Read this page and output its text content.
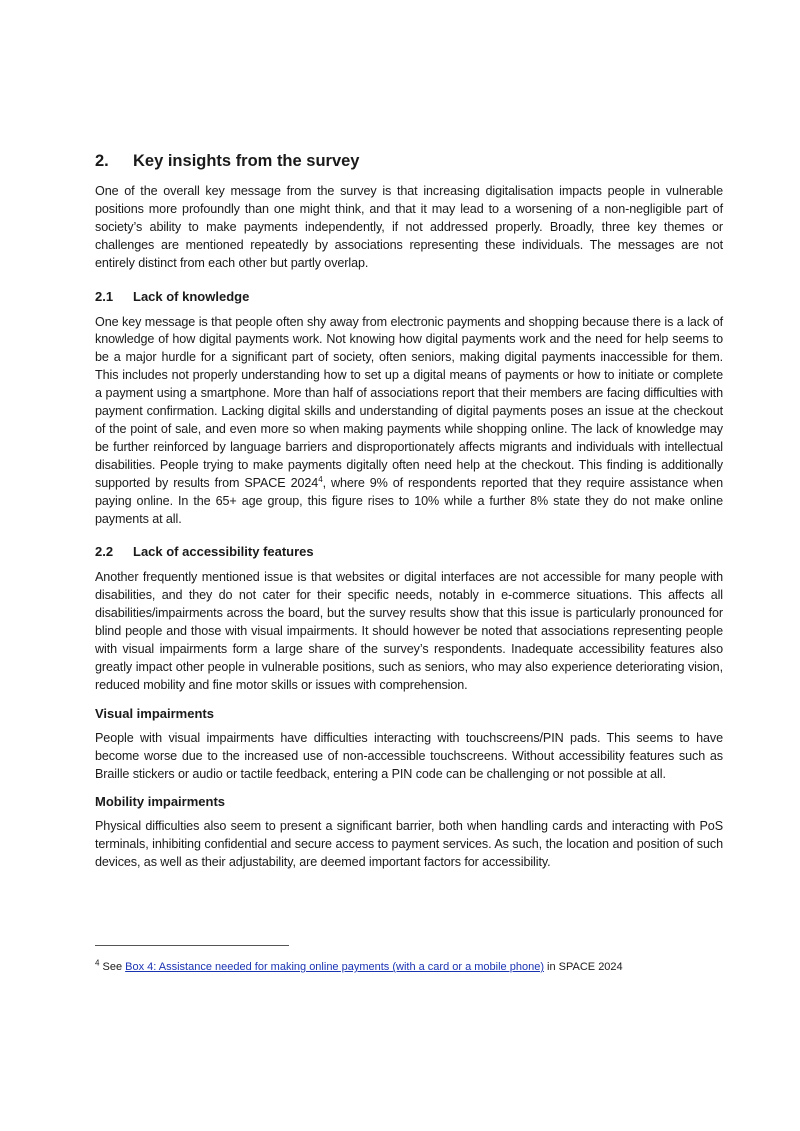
2. Key insights from the survey

One of the overall key message from the survey is that increasing digitalisation impacts people in vulnerable positions more profoundly than one might think, and that it may lead to a worsening of a non-negligible part of society’s ability to make payments independently, if not addressed properly. Broadly, three key themes or challenges are mentioned repeatedly by associations representing these individuals. The messages are not entirely distinct from each other but partly overlap.

2.1 Lack of knowledge

One key message is that people often shy away from electronic payments and shopping because there is a lack of knowledge of how digital payments work. Not knowing how digital payments work and the need for help seems to be a major hurdle for a significant part of society, often seniors, making digital payments inaccessible for them. This includes not properly understanding how to set up a digital means of payments or how to initiate or complete a payment using a smartphone. More than half of associations report that their members are facing difficulties with payment confirmation. Lacking digital skills and understanding of digital payments poses an issue at the checkout of the point of sale, and even more so when making payments while shopping online. The lack of knowledge may be further reinforced by language barriers and disproportionately affects migrants and individuals with intellectual disabilities. People trying to make payments digitally often need help at the checkout. This finding is additionally supported by results from SPACE 2024$^4$, where 9% of respondents reported that they require assistance when paying online. In the 65+ age group, this figure rises to 10% while a further 8% state they do not make online payments at all.

2.2 Lack of accessibility features

Another frequently mentioned issue is that websites or digital interfaces are not accessible for many people with disabilities, and they do not cater for their specific needs, notably in e-commerce situations. This affects all disabilities/impairments across the board, but the survey results show that this issue is particularly pronounced for blind people and those with visual impairments. It should however be noted that associations representing people with visual impairments form a large share of the survey’s respondents. Inadequate accessibility features also greatly impact other people in vulnerable positions, such as seniors, who may also experience deteriorating vision, reduced mobility and fine motor skills or issues with comprehension.

Visual impairments

People with visual impairments have difficulties interacting with touchscreens/PIN pads. This seems to have become worse due to the increased use of non-accessible touchscreens. Without accessibility features such as Braille stickers or audio or tactile feedback, entering a PIN code can be challenging or not possible at all.

Mobility impairments

Physical difficulties also seem to present a significant barrier, both when handling cards and interacting with PoS terminals, inhibiting confidential and secure access to payment services. As such, the location and position of such devices, as well as their adjustability, are deemed important factors for accessibility.

$^4$ See Box 4: Assistance needed for making online payments (with a card or a mobile phone) in SPACE 2024
